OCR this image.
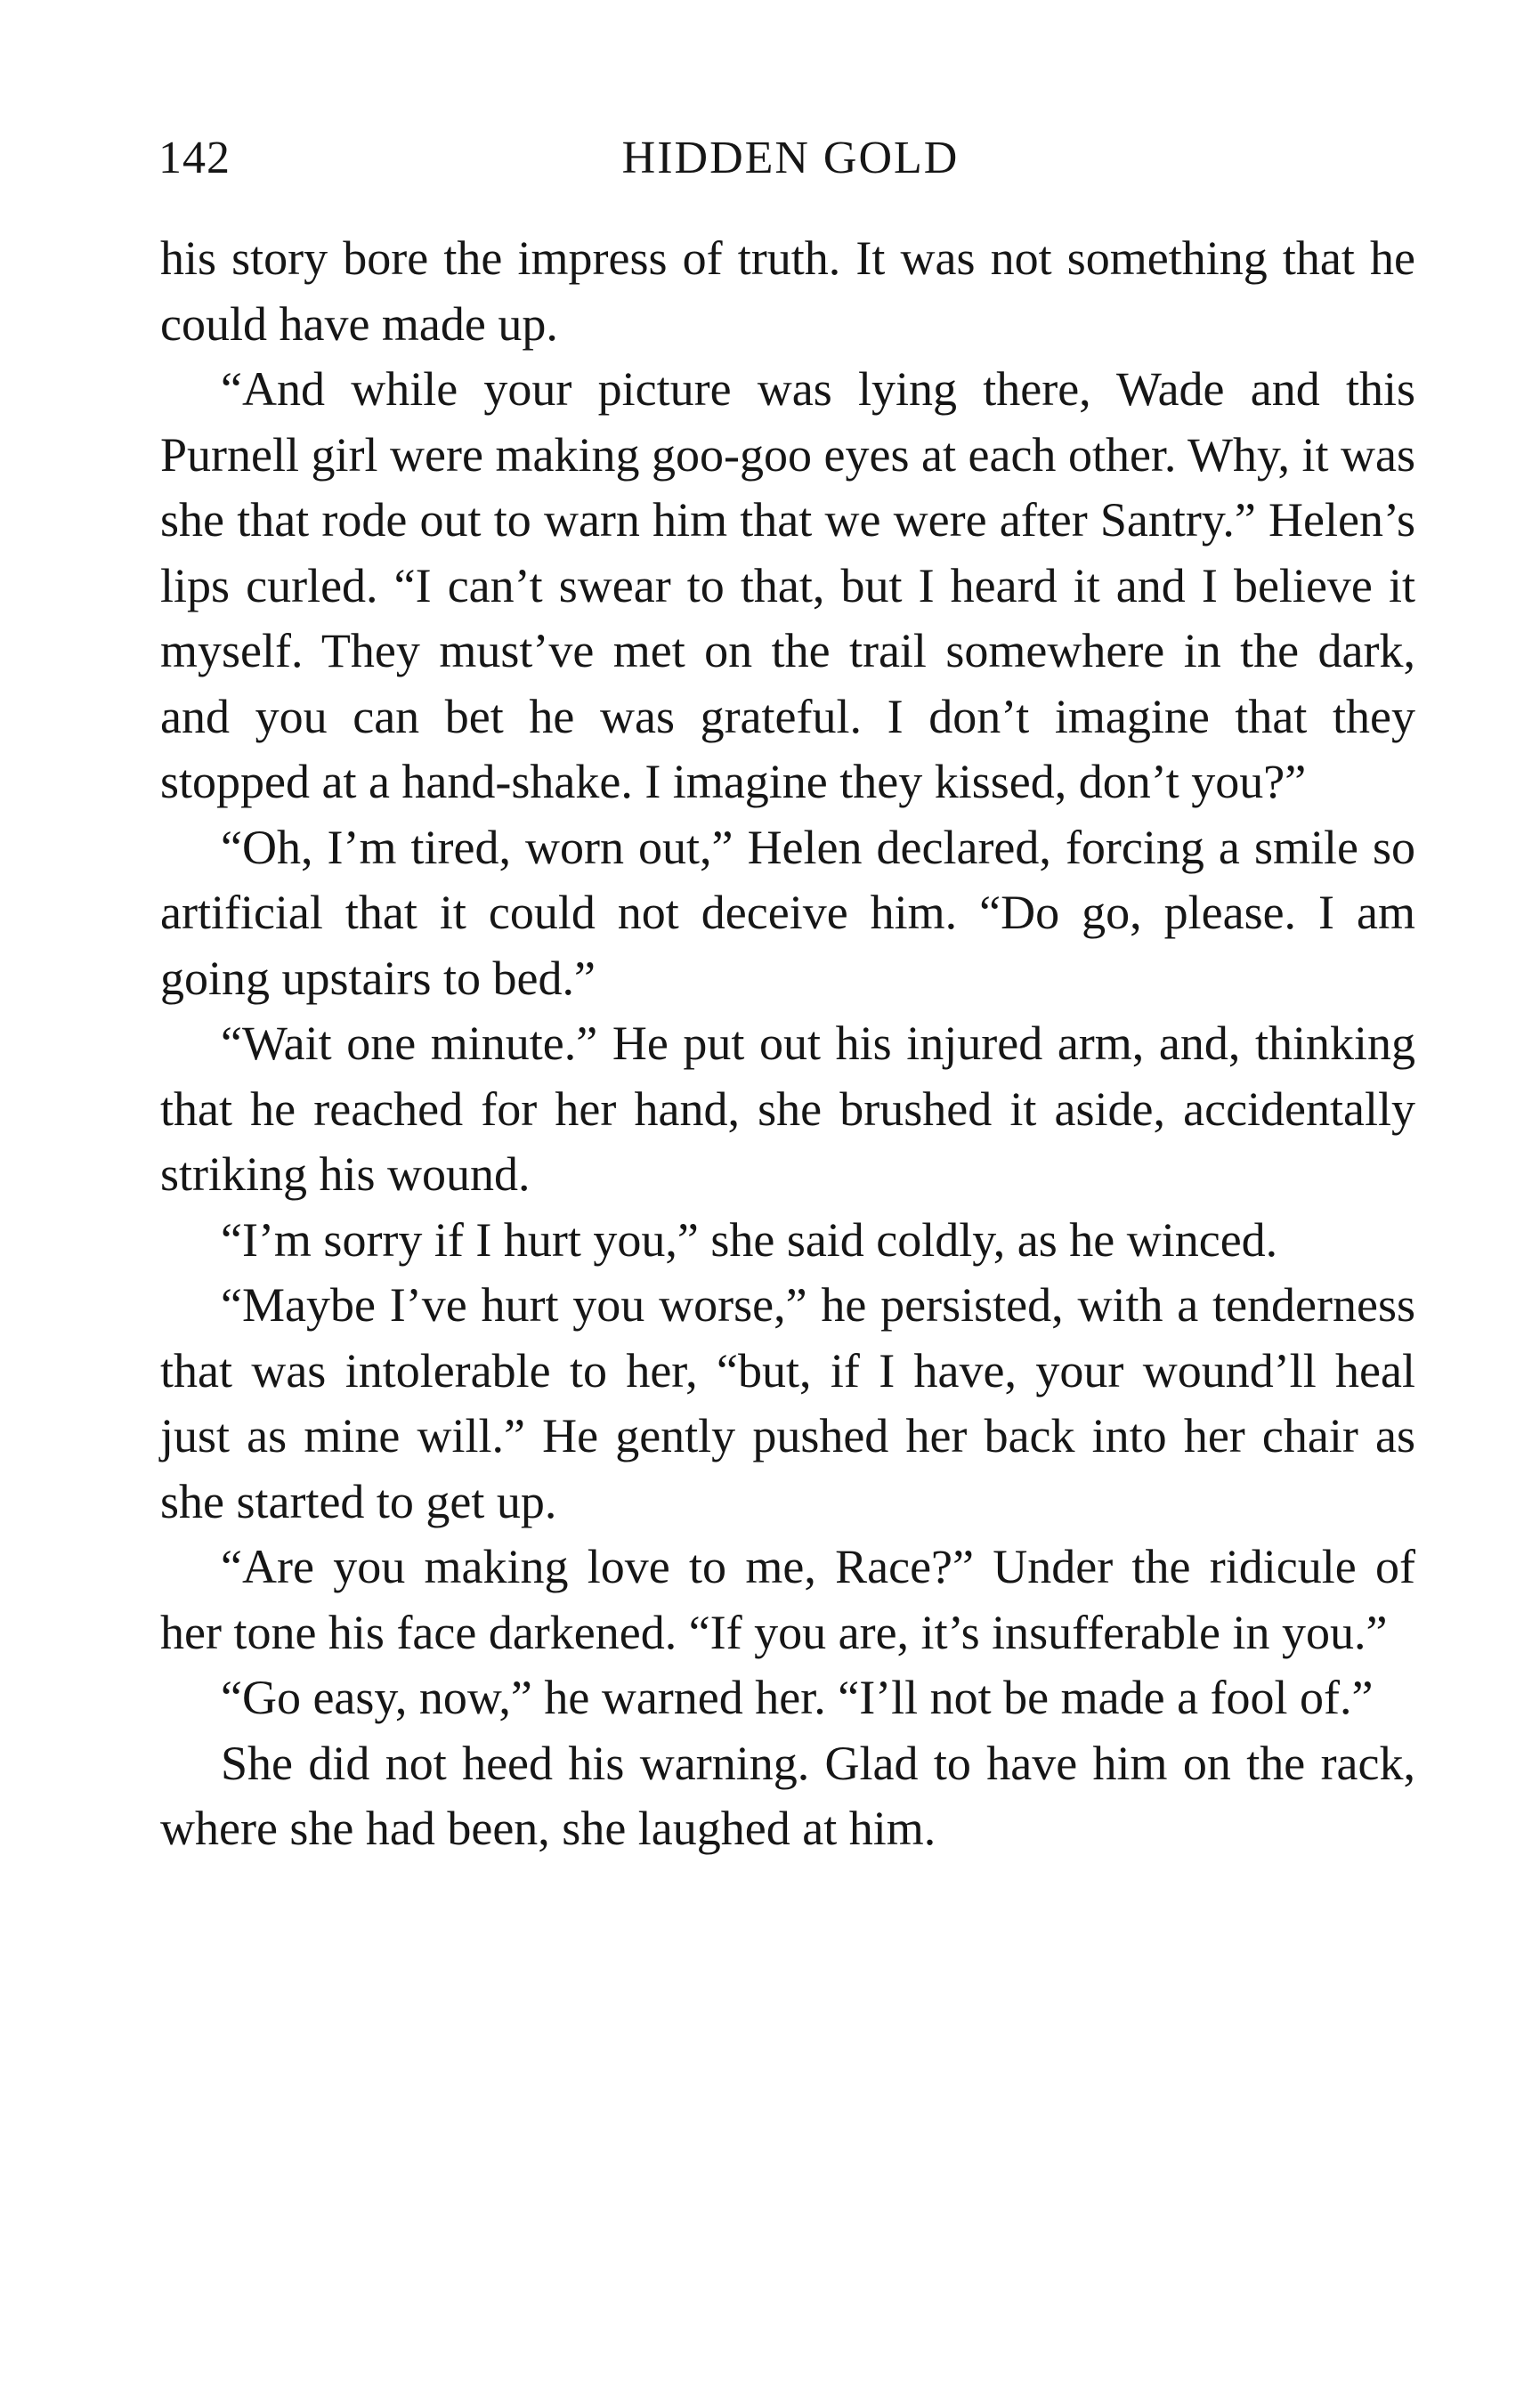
142	HIDDEN GOLD

his story bore the impress of truth. It was not something that he could have made up.

“And while your picture was lying there, Wade and this Purnell girl were making goo-goo eyes at each other. Why, it was she that rode out to warn him that we were after Santry.” Helen’s lips curled. “I can’t swear to that, but I heard it and I believe it myself. They must’ve met on the trail somewhere in the dark, and you can bet he was grateful. I don’t imagine that they stopped at a hand-shake. I imagine they kissed, don’t you?”

“Oh, I’m tired, worn out,” Helen declared, forcing a smile so artificial that it could not deceive him. “Do go, please. I am going upstairs to bed.”

“Wait one minute.” He put out his injured arm, and, thinking that he reached for her hand, she brushed it aside, accidentally striking his wound.

“I’m sorry if I hurt you,” she said coldly, as he winced.

“Maybe I’ve hurt you worse,” he persisted, with a tenderness that was intolerable to her, “but, if I have, your wound’ll heal just as mine will.” He gently pushed her back into her chair as she started to get up.

“Are you making love to me, Race?” Under the ridicule of her tone his face darkened. “If you are, it’s insufferable in you.”

“Go easy, now,” he warned her. “I’ll not be made a fool of.”

She did not heed his warning. Glad to have him on the rack, where she had been, she laughed at him.
